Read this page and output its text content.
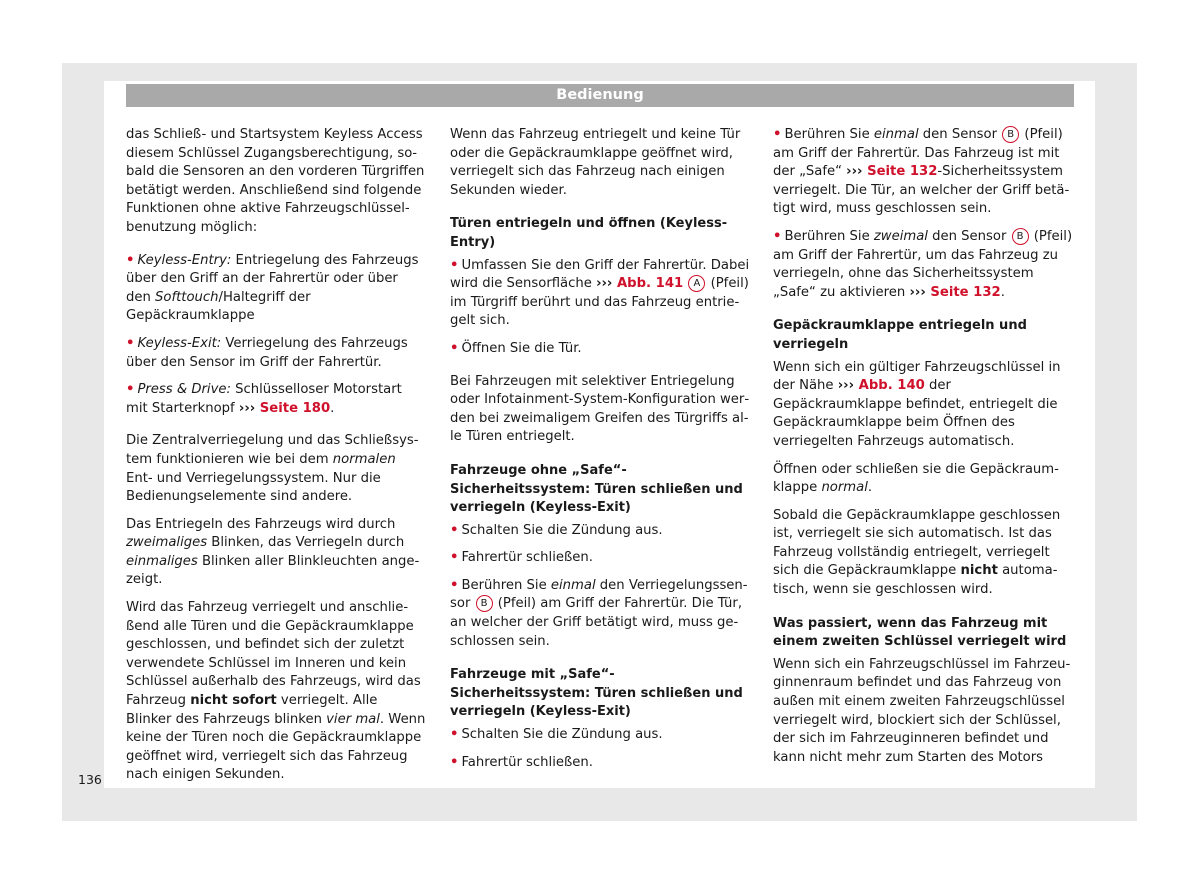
Bedienung

das Schließ- und Startsystem Keyless Access diesem Schlüssel Zugangsberechtigung, sobald die Sensoren an den vorderen Türgriffen betätigt werden. Anschließend sind folgende Funktionen ohne aktive Fahrzeugschlüsselbenutzung möglich:

• Keyless-Entry: Entriegelung des Fahrzeugs über den Griff an der Fahrertür oder über den Softtouch/Haltegriff der Gepäckraumklappe

• Keyless-Exit: Verriegelung des Fahrzeugs über den Sensor im Griff der Fahrertür.

• Press & Drive: Schlüsselloser Motorstart mit Starterknopf ››› Seite 180.

Die Zentralverriegelung und das Schließsystem funktionieren wie bei dem normalen Ent- und Verriegelungssystem. Nur die Bedienungselemente sind andere.

Das Entriegeln des Fahrzeugs wird durch zweimaliges Blinken, das Verriegeln durch einmaliges Blinken aller Blinkleuchten angezeigt.

Wird das Fahrzeug verriegelt und anschließend alle Türen und die Gepäckraumklappe geschlossen, und befindet sich der zuletzt verwendete Schlüssel im Inneren und kein Schlüssel außerhalb des Fahrzeugs, wird das Fahrzeug nicht sofort verriegelt. Alle Blinker des Fahrzeugs blinken vier mal. Wenn keine der Türen noch die Gepäckraumklappe geöffnet wird, verriegelt sich das Fahrzeug nach einigen Sekunden.

Wenn das Fahrzeug entriegelt und keine Tür oder die Gepäckraumklappe geöffnet wird, verriegelt sich das Fahrzeug nach einigen Sekunden wieder.

Türen entriegeln und öffnen (Keyless-Entry)

• Umfassen Sie den Griff der Fahrertür. Dabei wird die Sensorfläche ››› Abb. 141 A (Pfeil) im Türgriff berührt und das Fahrzeug entriegelt sich.

• Öffnen Sie die Tür.

Bei Fahrzeugen mit selektiver Entriegelung oder Infotainment-System-Konfiguration werden bei zweimaligem Greifen des Türgriffs alle Türen entriegelt.

Fahrzeuge ohne „Safe“-Sicherheitssystem: Türen schließen und verriegeln (Keyless-Exit)

• Schalten Sie die Zündung aus.

• Fahrertür schließen.

• Berühren Sie einmal den Verriegelungssensor B (Pfeil) am Griff der Fahrertür. Die Tür, an welcher der Griff betätigt wird, muss geschlossen sein.

Fahrzeuge mit „Safe“-Sicherheitssystem: Türen schließen und verriegeln (Keyless-Exit)

• Schalten Sie die Zündung aus.

• Fahrertür schließen.

• Berühren Sie einmal den Sensor B (Pfeil) am Griff der Fahrertür. Das Fahrzeug ist mit der „Safe“ ››› Seite 132-Sicherheitssystem verriegelt. Die Tür, an welcher der Griff betätigt wird, muss geschlossen sein.

• Berühren Sie zweimal den Sensor B (Pfeil) am Griff der Fahrertür, um das Fahrzeug zu verriegeln, ohne das Sicherheitssystem „Safe“ zu aktivieren ››› Seite 132.

Gepäckraumklappe entriegeln und verriegeln

Wenn sich ein gültiger Fahrzeugschlüssel in der Nähe ››› Abb. 140 der Gepäckraumklappe befindet, entriegelt die Gepäckraumklappe beim Öffnen des verriegelten Fahrzeugs automatisch.

Öffnen oder schließen sie die Gepäckraumklappe normal.

Sobald die Gepäckraumklappe geschlossen ist, verriegelt sie sich automatisch. Ist das Fahrzeug vollständig entriegelt, verriegelt sich die Gepäckraumklappe nicht automatisch, wenn sie geschlossen wird.

Was passiert, wenn das Fahrzeug mit einem zweiten Schlüssel verriegelt wird

Wenn sich ein Fahrzeugschlüssel im Fahrzeuginnenraum befindet und das Fahrzeug von außen mit einem zweiten Fahrzeugschlüssel verriegelt wird, blockiert sich der Schlüssel, der sich im Fahrzeuginneren befindet und kann nicht mehr zum Starten des Motors

136
